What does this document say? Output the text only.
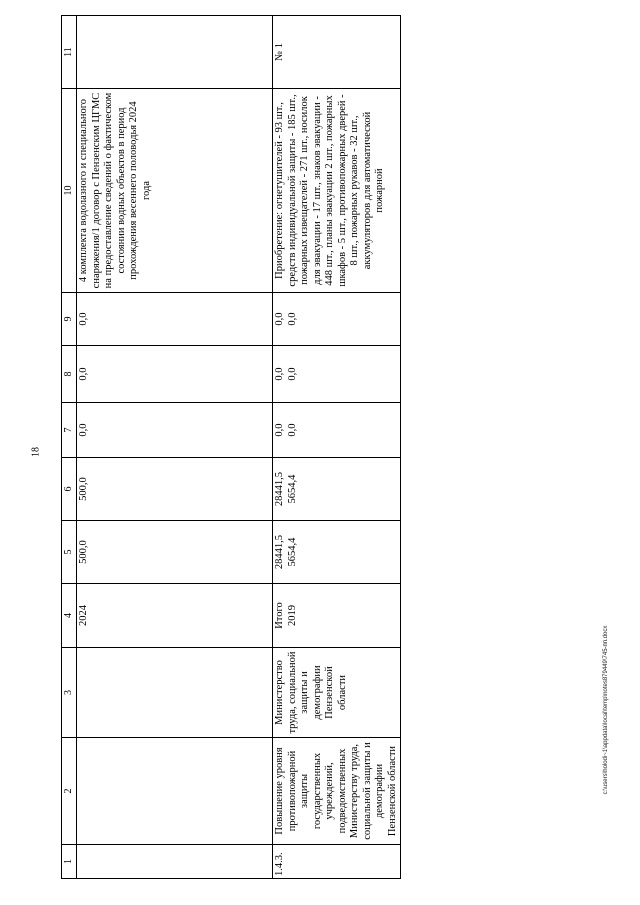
18
1	2	3	4	5	6	7	8	9	10	11
			2024	500,0	500,0	0,0	0,0	0,0	4 комплекта водолазного и специального снаряжения/1 договор с Пензенским ЦГМС на предоставление сведений о фактическом состоянии водных объектов в период прохождения весеннего половодья 2024 года	
1.4.3.	Повышение уровня противопожарной защиты государственных учреждений, подведомственных Министерству труда, социальной защиты и демографии Пензенской области	Министерство труда, социальной защиты и демографии Пензенской области	Итого 2019	28441,5 5654,4	28441,5 5654,4	0,0 0,0	0,0 0,0	0,0 0,0	Приобретение: огнетушителей - 93 шт., средств индивидуальной защиты - 185 шт., пожарных извещателей - 271 шт., носилок для эвакуации - 17 шт., знаков эвакуации - 448 шт., планы эвакуации 2 шт., пожарных шкафов - 5 шт., противопожарных дверей - 8 шт., пожарных рукавов - 32 шт., аккумуляторов для автоматической пожарной	№ 1
c:\users\holodi~1\appdata\local\temp\notes879449\745-пп.docx
